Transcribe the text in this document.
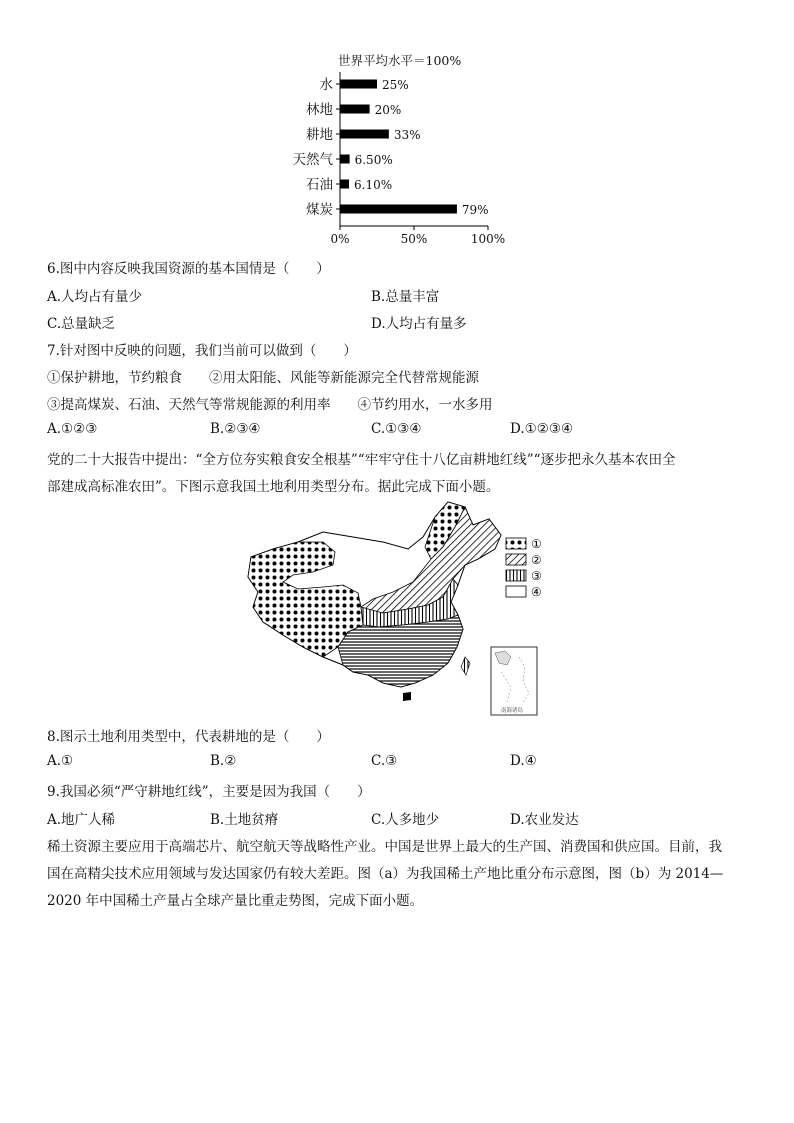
世界平均水平＝100%
水	25%
林地	20%
耕地	33%
天然气 6.50%
石油 6.10%
煤炭	79%
0%	50%	100%
6.图中内容反映我国资源的基本国情是（　　）
A.人均占有量少	B.总量丰富
C.总量缺乏	D.人均占有量多
7.针对图中反映的问题，我们当前可以做到（　　）
①保护耕地，节约粮食　　②用太阳能、风能等新能源完全代替常规能源
③提高煤炭、石油、天然气等常规能源的利用率　　④节约用水，一水多用
A.①②③	B.②③④	C.①③④	D.①②③④
党的二十大报告中提出：“全方位夯实粮食安全根基”“牢牢守住十八亿亩耕地红线”“逐步把永久基本农田全
部建成高标准农田”。下图示意我国土地利用类型分布。据此完成下面小题。
①
②
③
④
南海诸岛
8.图示土地利用类型中，代表耕地的是（　　）
A.①	B.②	C.③	D.④
9.我国必须“严守耕地红线”，主要是因为我国（　　）
A.地广人稀	B.土地贫瘠	C.人多地少	D.农业发达
稀土资源主要应用于高端芯片、航空航天等战略性产业。中国是世界上最大的生产国、消费国和供应国。目前，我
国在高精尖技术应用领域与发达国家仍有较大差距。图（a）为我国稀土产地比重分布示意图，图（b）为 2014—
2020 年中国稀土产量占全球产量比重走势图，完成下面小题。
